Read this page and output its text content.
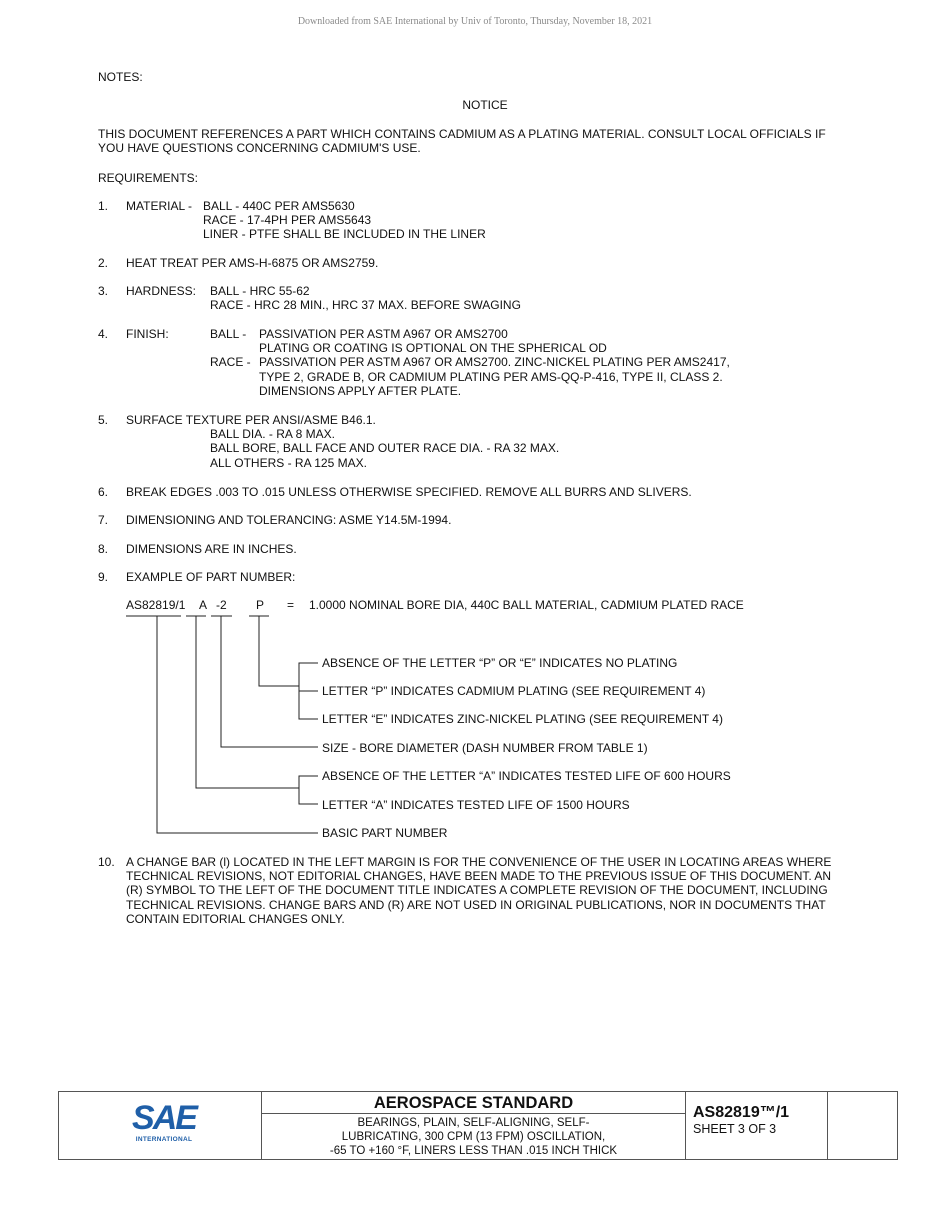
Downloaded from SAE International by Univ of Toronto, Thursday, November 18, 2021
NOTES:
NOTICE
THIS DOCUMENT REFERENCES A PART WHICH CONTAINS CADMIUM AS A PLATING MATERIAL. CONSULT LOCAL OFFICIALS IF
YOU HAVE QUESTIONS CONCERNING CADMIUM'S USE.
REQUIREMENTS:
1.	MATERIAL - BALL - 440C PER AMS5630
RACE - 17-4PH PER AMS5643
LINER - PTFE SHALL BE INCLUDED IN THE LINER
2.	HEAT TREAT PER AMS-H-6875 OR AMS2759.
3.	HARDNESS: BALL - HRC 55-62
RACE - HRC 28 MIN., HRC 37 MAX. BEFORE SWAGING
4.	FINISH:	BALL - PASSIVATION PER ASTM A967 OR AMS2700
PLATING OR COATING IS OPTIONAL ON THE SPHERICAL OD
RACE - PASSIVATION PER ASTM A967 OR AMS2700. ZINC-NICKEL PLATING PER AMS2417,
TYPE 2, GRADE B, OR CADMIUM PLATING PER AMS-QQ-P-416, TYPE II, CLASS 2.
DIMENSIONS APPLY AFTER PLATE.
5.	SURFACE TEXTURE PER ANSI/ASME B46.1.
BALL DIA. - RA 8 MAX.
BALL BORE, BALL FACE AND OUTER RACE DIA. - RA 32 MAX.
ALL OTHERS - RA 125 MAX.
6.	BREAK EDGES .003 TO .015 UNLESS OTHERWISE SPECIFIED. REMOVE ALL BURRS AND SLIVERS.
7.	DIMENSIONING AND TOLERANCING: ASME Y14.5M-1994.
8.	DIMENSIONS ARE IN INCHES.
9.	EXAMPLE OF PART NUMBER:
AS82819/1 A -2 P = 1.0000 NOMINAL BORE DIA, 440C BALL MATERIAL, CADMIUM PLATED RACE
ABSENCE OF THE LETTER “P” OR “E” INDICATES NO PLATING
LETTER “P” INDICATES CADMIUM PLATING (SEE REQUIREMENT 4)
LETTER “E” INDICATES ZINC-NICKEL PLATING (SEE REQUIREMENT 4)
SIZE - BORE DIAMETER (DASH NUMBER FROM TABLE 1)
ABSENCE OF THE LETTER “A” INDICATES TESTED LIFE OF 600 HOURS
LETTER “A” INDICATES TESTED LIFE OF 1500 HOURS
BASIC PART NUMBER
10. A CHANGE BAR (l) LOCATED IN THE LEFT MARGIN IS FOR THE CONVENIENCE OF THE USER IN LOCATING AREAS WHERE
TECHNICAL REVISIONS, NOT EDITORIAL CHANGES, HAVE BEEN MADE TO THE PREVIOUS ISSUE OF THIS DOCUMENT. AN
(R) SYMBOL TO THE LEFT OF THE DOCUMENT TITLE INDICATES A COMPLETE REVISION OF THE DOCUMENT, INCLUDING
TECHNICAL REVISIONS. CHANGE BARS AND (R) ARE NOT USED IN ORIGINAL PUBLICATIONS, NOR IN DOCUMENTS THAT
CONTAIN EDITORIAL CHANGES ONLY.
SAE
INTERNATIONAL
AEROSPACE STANDARD
BEARINGS, PLAIN, SELF-ALIGNING, SELF-
LUBRICATING, 300 CPM (13 FPM) OSCILLATION,
-65 TO +160 °F, LINERS LESS THAN .015 INCH THICK
AS82819™/1
SHEET 3 OF 3
